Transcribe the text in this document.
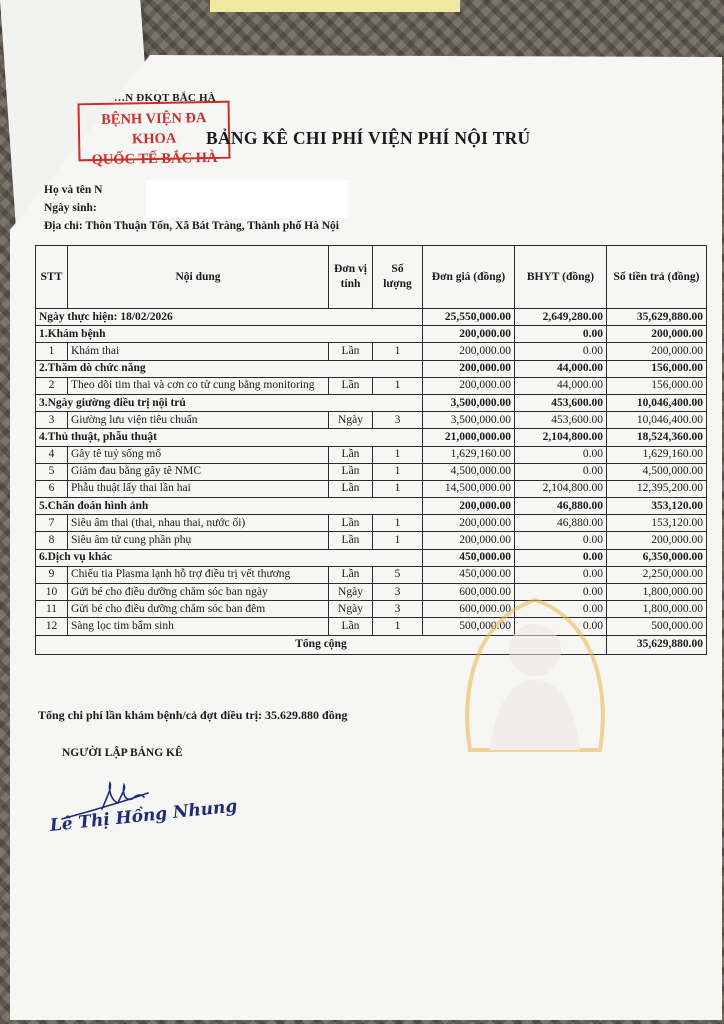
…N ĐKQT BẮC HÀ
BỆNH VIỆN ĐA KHOA
QUỐC TẾ BẮC HÀ
BẢNG KÊ CHI PHÍ VIỆN PHÍ NỘI TRÚ
Họ và tên N
Ngày sinh:
Địa chỉ: Thôn Thuận Tốn, Xã Bát Tràng, Thành phố Hà Nội
STT	Nội dung	Đơn vị tính	Số lượng	Đơn giá (đồng)	BHYT (đồng)	Số tiền trả (đồng)
Ngày thực hiện: 18/02/2026				25,550,000.00	2,649,280.00	35,629,880.00
1.Khám bệnh				200,000.00	0.00	200,000.00
1	Khám thai	Lần	1	200,000.00	0.00	200,000.00
2.Thăm dò chức năng				200,000.00	44,000.00	156,000.00
2	Theo dõi tim thai và cơn co tử cung bằng monitoring	Lần	1	200,000.00	44,000.00	156,000.00
3.Ngày giường điều trị nội trú				3,500,000.00	453,600.00	10,046,400.00
3	Giường lưu viện tiêu chuẩn	Ngày	3	3,500,000.00	453,600.00	10,046,400.00
4.Thủ thuật, phẫu thuật				21,000,000.00	2,104,800.00	18,524,360.00
4	Gây tê tuỷ sống mổ	Lần	1	1,629,160.00	0.00	1,629,160.00
5	Giảm đau bằng gây tê NMC	Lần	1	4,500,000.00	0.00	4,500,000.00
6	Phẫu thuật lấy thai lần hai	Lần	1	14,500,000.00	2,104,800.00	12,395,200.00
5.Chẩn đoán hình ảnh				200,000.00	46,880.00	353,120.00
7	Siêu âm thai (thai, nhau thai, nước ối)	Lần	1	200,000.00	46,880.00	153,120.00
8	Siêu âm tử cung phần phụ	Lần	1	200,000.00	0.00	200,000.00
6.Dịch vụ khác				450,000.00	0.00	6,350,000.00
9	Chiếu tia Plasma lạnh hỗ trợ điều trị vết thương	Lần	5	450,000.00	0.00	2,250,000.00
10	Gửi bé cho điều dưỡng chăm sóc ban ngày	Ngày	3	600,000.00	0.00	1,800,000.00
11	Gửi bé cho điều dưỡng chăm sóc ban đêm	Ngày	3	600,000.00	0.00	1,800,000.00
12	Sàng lọc tim bẩm sinh	Lần	1	500,000.00	0.00	500,000.00
Tổng cộng						35,629,880.00
Tổng chi phí lần khám bệnh/cả đợt điều trị: 35.629.880 đồng
NGƯỜI LẬP BẢNG KÊ
Lê Thị Hồng Nhung
